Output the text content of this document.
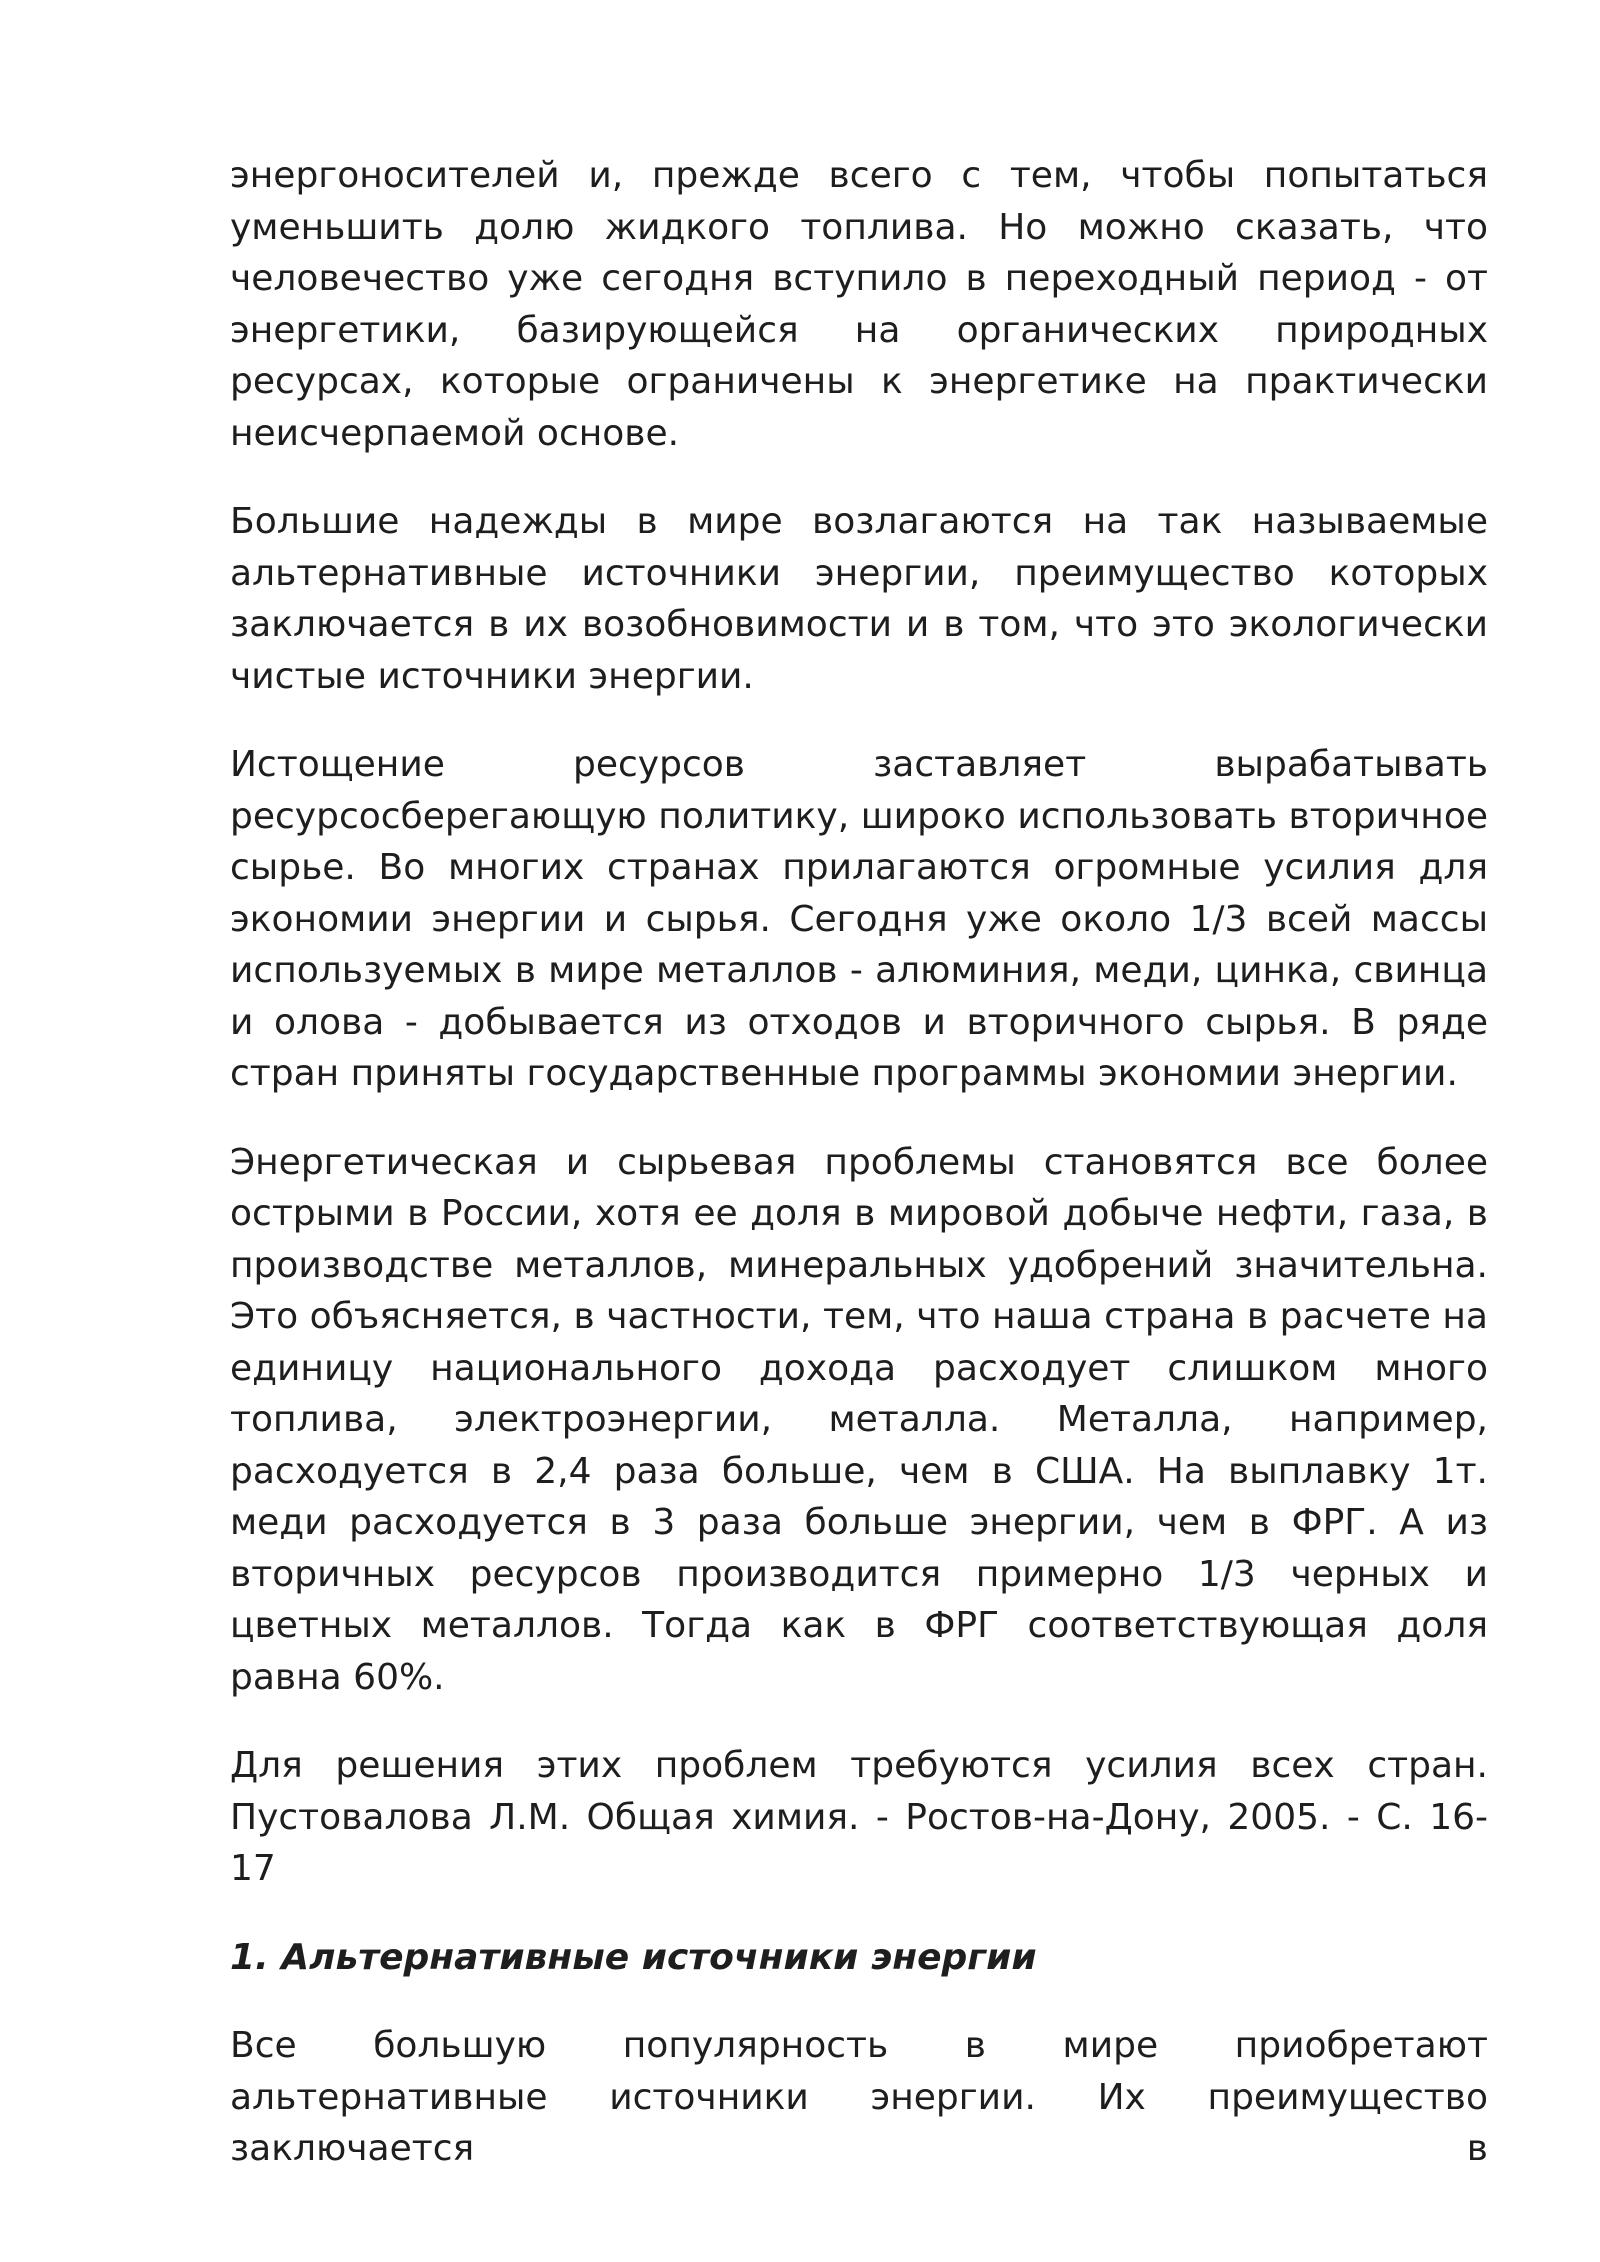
энергоносителей и, прежде всего с тем, чтобы попытаться уменьшить долю жидкого топлива. Но можно сказать, что человечество уже сегодня вступило в переходный период - от энергетики, базирующейся на органических природных ресурсах, которые ограничены к энергетике на практически неисчерпаемой основе.

Большие надежды в мире возлагаются на так называемые альтернативные источники энергии, преимущество которых заключается в их возобновимости и в том, что это экологически чистые источники энергии.

Истощение ресурсов заставляет вырабатывать ресурсосберегающую политику, широко использовать вторичное сырье. Во многих странах прилагаются огромные усилия для экономии энергии и сырья. Сегодня уже около 1/3 всей массы используемых в мире металлов - алюминия, меди, цинка, свинца и олова - добывается из отходов и вторичного сырья. В ряде стран приняты государственные программы экономии энергии.

Энергетическая и сырьевая проблемы становятся все более острыми в России, хотя ее доля в мировой добыче нефти, газа, в производстве металлов, минеральных удобрений значительна. Это объясняется, в частности, тем, что наша страна в расчете на единицу национального дохода расходует слишком много топлива, электроэнергии, металла. Металла, например, расходуется в 2,4 раза больше, чем в США. На выплавку 1т. меди расходуется в 3 раза больше энергии, чем в ФРГ. А из вторичных ресурсов производится примерно 1/3 черных и цветных металлов. Тогда как в ФРГ соответствующая доля равна 60%.

Для решения этих проблем требуются усилия всех стран. Пустовалова Л.М. Общая химия. - Ростов-на-Дону, 2005. - С. 16-17

1. Альтернативные источники энергии

Все большую популярность в мире приобретают альтернативные источники энергии. Их преимущество заключается в
